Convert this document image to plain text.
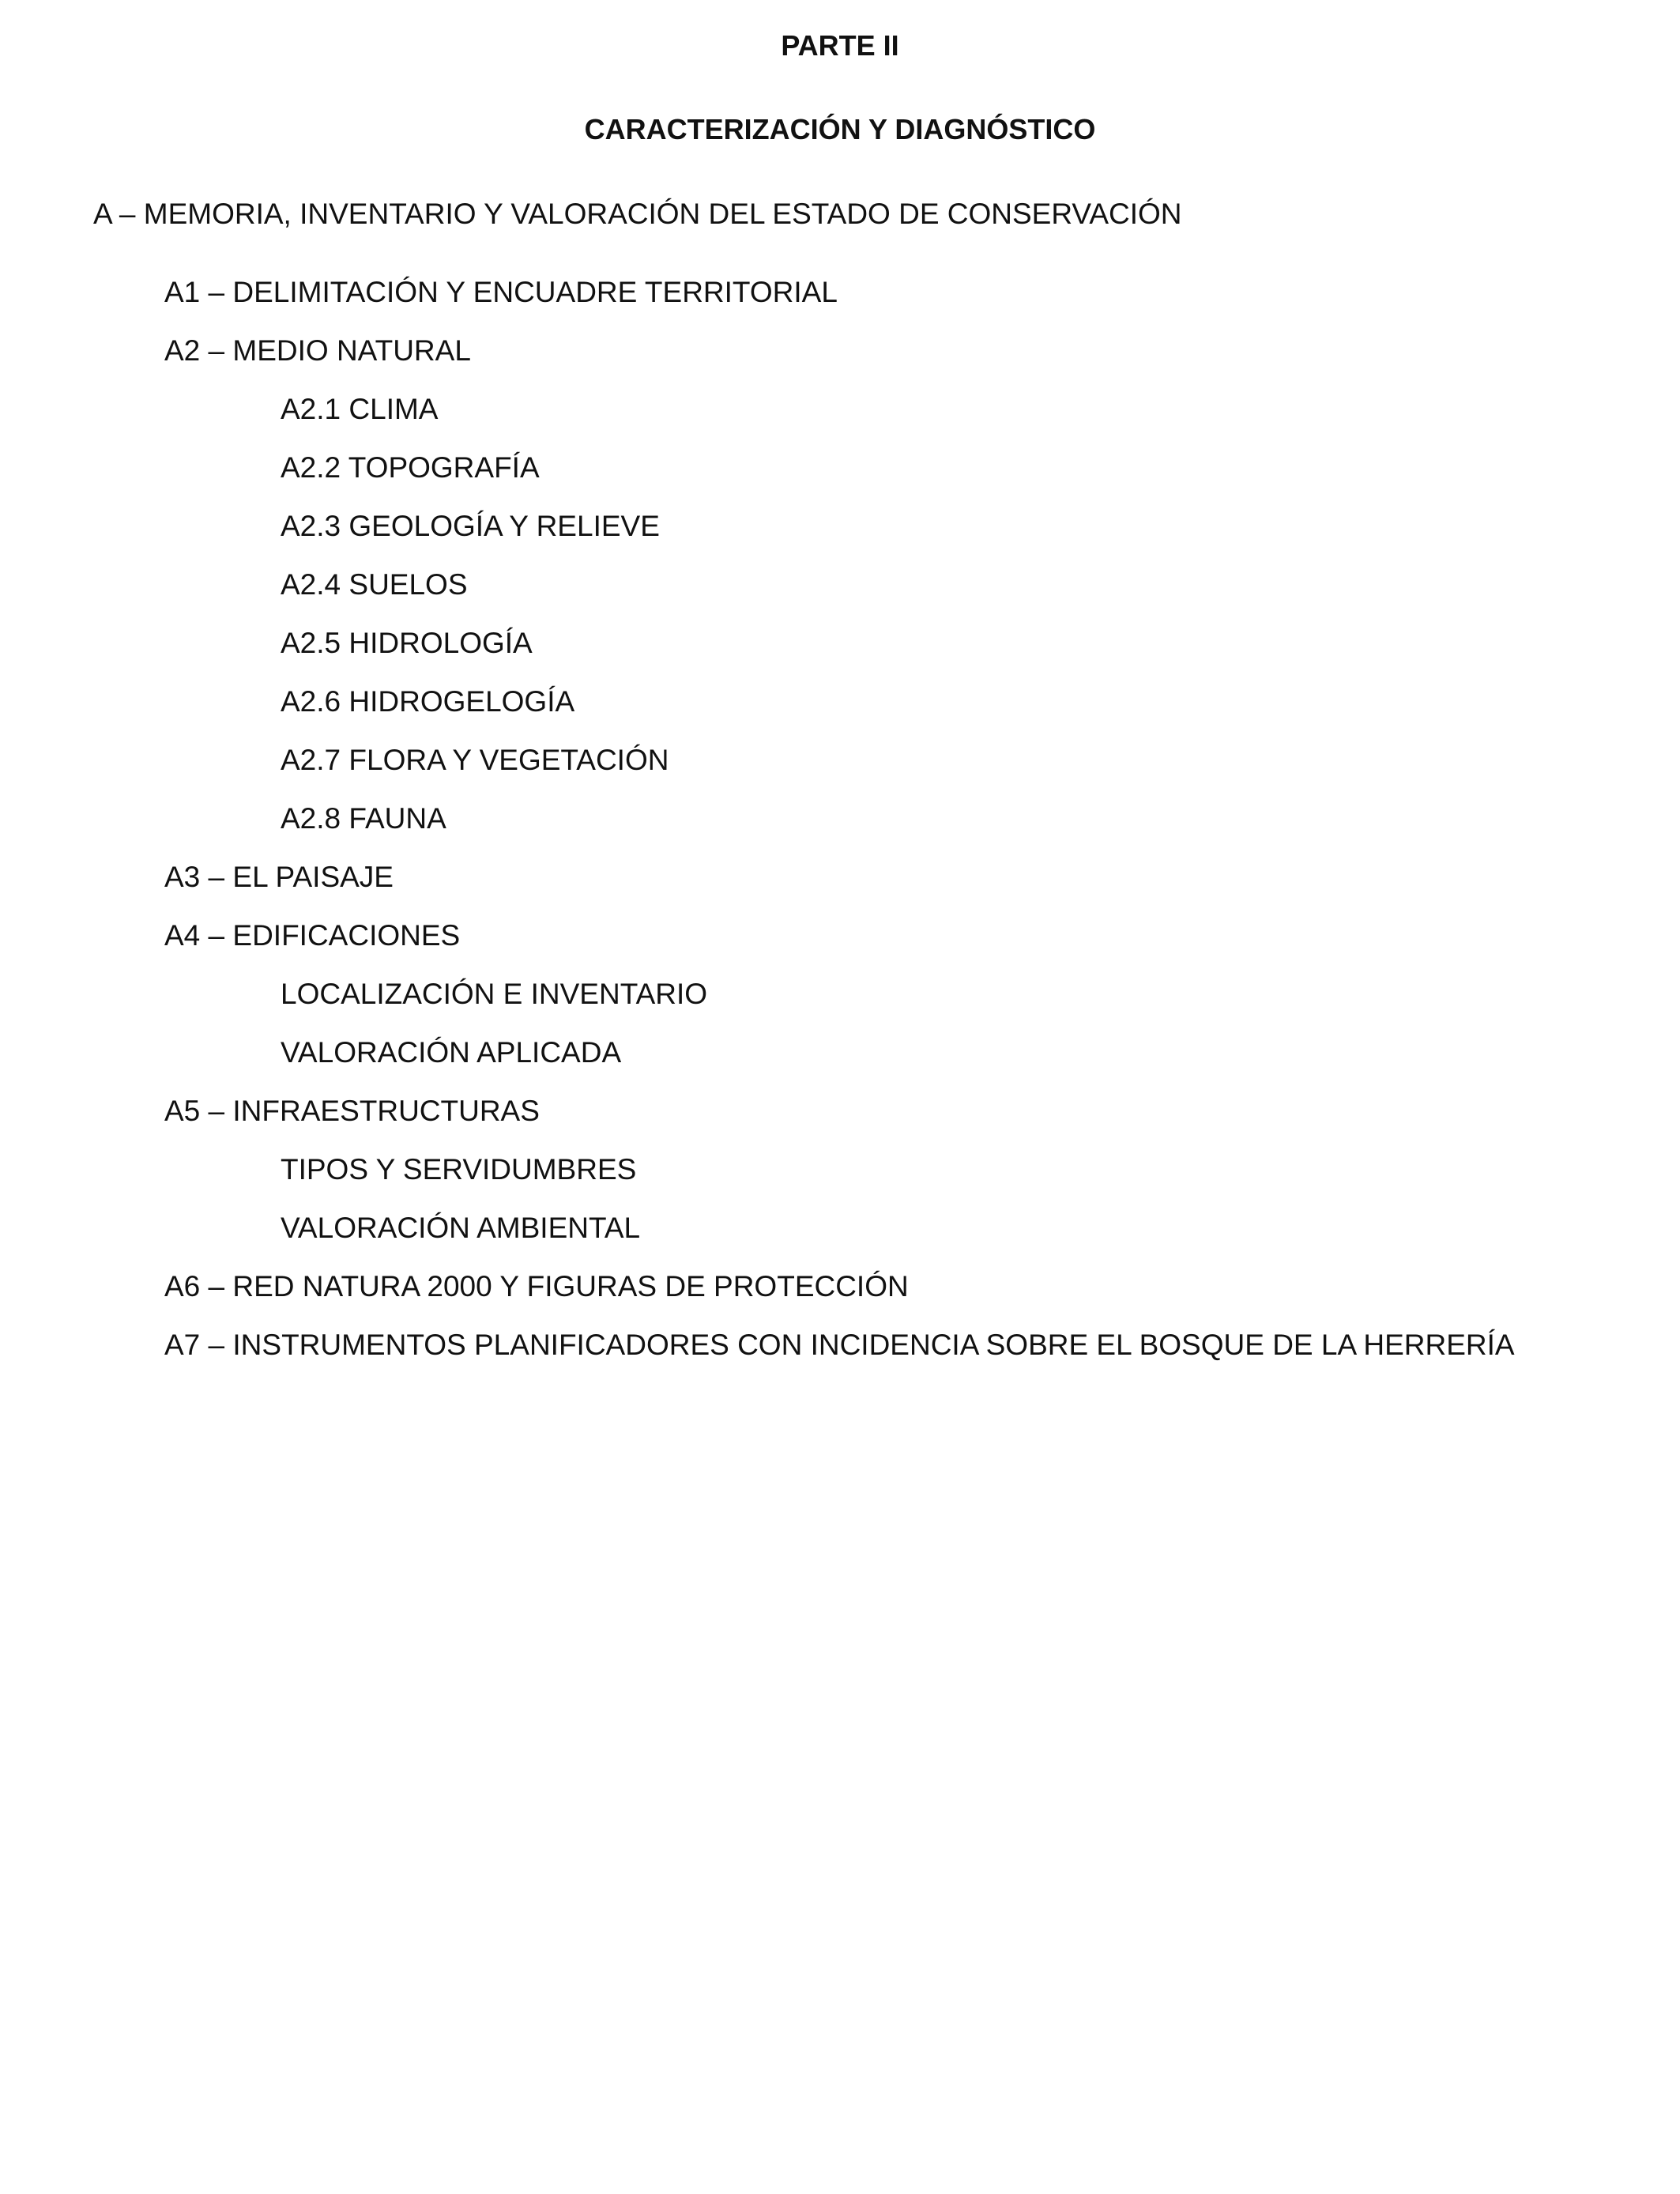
PARTE II
CARACTERIZACIÓN Y DIAGNÓSTICO
A – MEMORIA, INVENTARIO Y VALORACIÓN DEL ESTADO DE CONSERVACIÓN
A1 – DELIMITACIÓN Y ENCUADRE TERRITORIAL
A2 – MEDIO NATURAL
A2.1 CLIMA
A2.2 TOPOGRAFÍA
A2.3 GEOLOGÍA Y RELIEVE
A2.4 SUELOS
A2.5 HIDROLOGÍA
A2.6 HIDROGELOGÍA
A2.7 FLORA Y VEGETACIÓN
A2.8 FAUNA
A3 – EL PAISAJE
A4 – EDIFICACIONES
LOCALIZACIÓN E INVENTARIO
VALORACIÓN APLICADA
A5 – INFRAESTRUCTURAS
TIPOS Y SERVIDUMBRES
VALORACIÓN AMBIENTAL
A6 – RED NATURA 2000 Y FIGURAS DE PROTECCIÓN
A7 – INSTRUMENTOS PLANIFICADORES CON INCIDENCIA SOBRE EL BOSQUE DE LA HERRERÍA
